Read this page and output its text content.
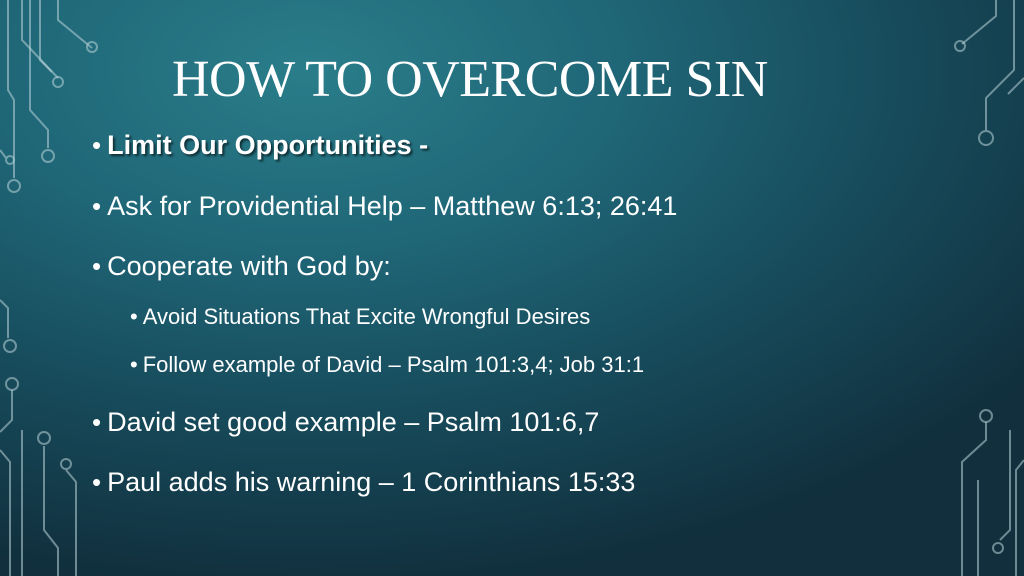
HOW TO OVERCOME SIN
• Limit Our Opportunities -
• Ask for Providential Help – Matthew 6:13; 26:41
• Cooperate with God by:
• Avoid Situations That Excite Wrongful Desires
• Follow example of David – Psalm 101:3,4; Job 31:1
• David set good example – Psalm 101:6,7
• Paul adds his warning – 1 Corinthians 15:33
